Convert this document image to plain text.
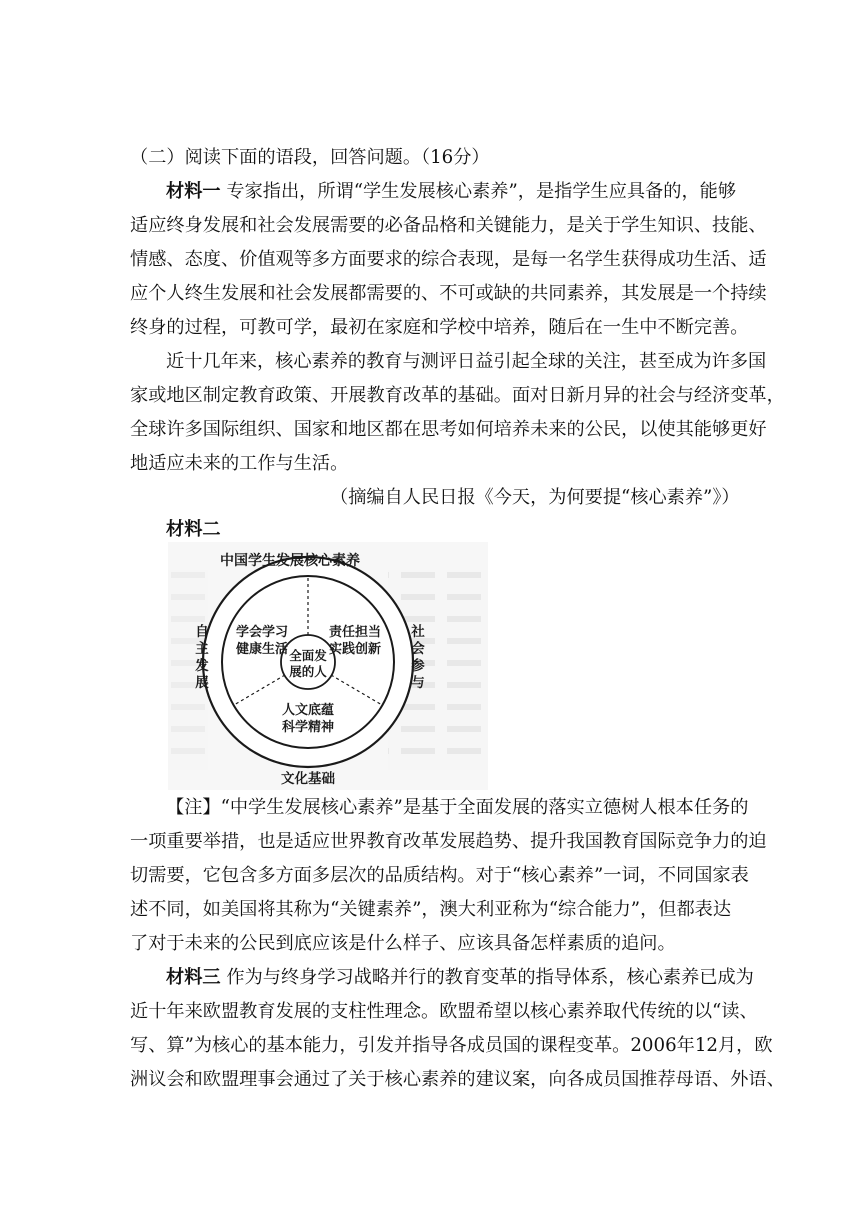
（二）阅读下面的语段，回答问题。（16分）
材料一 专家指出，所谓“学生发展核心素养”，是指学生应具备的，能够
适应终身发展和社会发展需要的必备品格和关键能力，是关于学生知识、技能、
情感、态度、价值观等多方面要求的综合表现，是每一名学生获得成功生活、适
应个人终生发展和社会发展都需要的、不可或缺的共同素养，其发展是一个持续
终身的过程，可教可学，最初在家庭和学校中培养，随后在一生中不断完善。
近十几年来，核心素养的教育与测评日益引起全球的关注，甚至成为许多国
家或地区制定教育政策、开展教育改革的基础。面对日新月异的社会与经济变革，
全球许多国际组织、国家和地区都在思考如何培养未来的公民，以使其能够更好
地适应未来的工作与生活。
（摘编自人民日报《今天，为何要提“核心素养”》）
材料二
中国学生发展核心素养
自
主
发
展
社
会
参
与
学会学习
健康生活
责任担当
实践创新
人文底蕴
科学精神
全面发
展的人
文化基础
【注】“中学生发展核心素养”是基于全面发展的落实立德树人根本任务的
一项重要举措，也是适应世界教育改革发展趋势、提升我国教育国际竞争力的迫
切需要，它包含多方面多层次的品质结构。对于“核心素养”一词，不同国家表
述不同，如美国将其称为“关键素养”，澳大利亚称为“综合能力”，但都表达
了对于未来的公民到底应该是什么样子、应该具备怎样素质的追问。
材料三 作为与终身学习战略并行的教育变革的指导体系，核心素养已成为
近十年来欧盟教育发展的支柱性理念。欧盟希望以核心素养取代传统的以“读、
写、算”为核心的基本能力，引发并指导各成员国的课程变革。2006年12月，欧
洲议会和欧盟理事会通过了关于核心素养的建议案，向各成员国推荐母语、外语、
